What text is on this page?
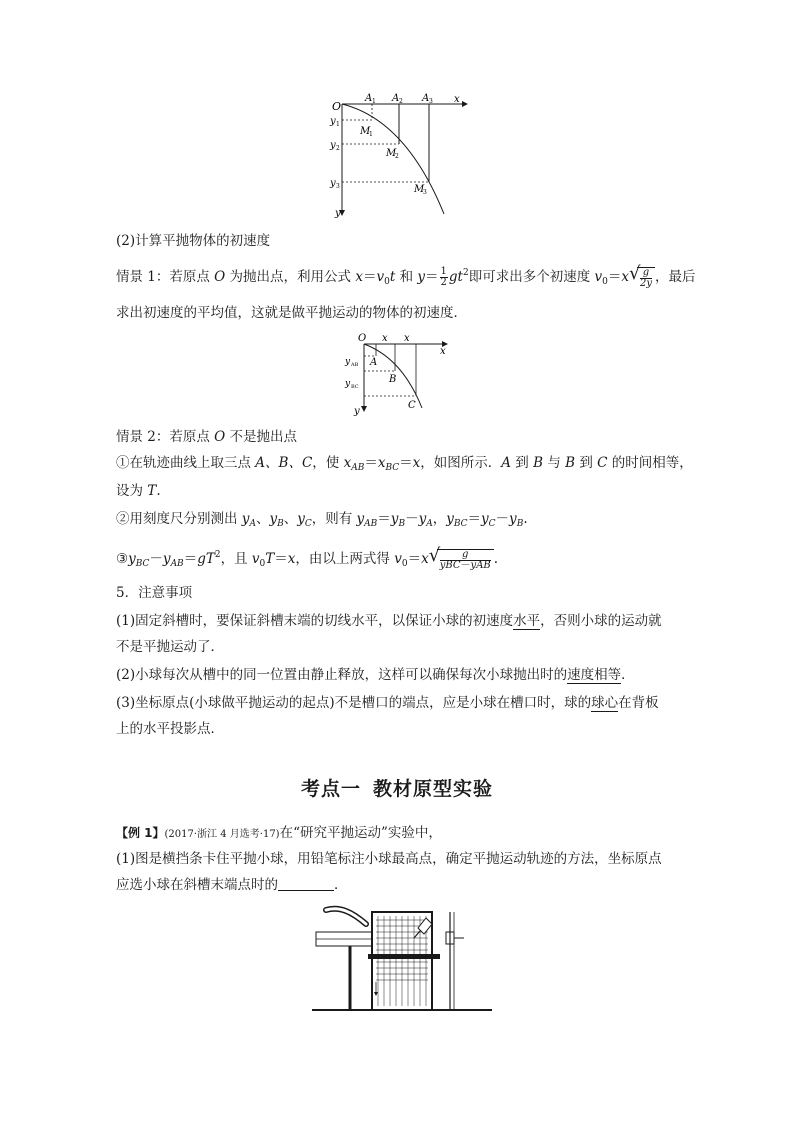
O
x
y
A 1 A 2 A 3
y 1
y 2
y 3
M
1
M
2
M
3
(2)计算平抛物体的初速度
情景 1：若原点 O 为抛出点，利用公式 $x=v_0t$ 和 $y= \frac{1}{2} gt^2$即可求出多个初速度 $v_0=x$ √ $\frac{g}{2y}$ ，最后
求出初速度的平均值，这就是做平抛运动的物体的初速度．
O x x
x
y
A
B
C
y AB
y BC
情景 2：若原点 O 不是抛出点
①在轨迹曲线上取三点 A、B、C，使 $x_{AB}=x_{BC}=x$，如图所示．A 到 B 与 B 到 C 的时间相等，
设为 T.
②用刻度尺分别测出 $y_A$、$y_B$、$y_C$，则有 $y_{AB}=y_B-y_A$，$y_{BC}=y_C-y_B$.
$③y_{BC}-y_{AB}=gT^2$，且 $v_0T=x$，由以上两式得 $v_0=x$ √ $\frac{g}{\text{yBC－yAB}}$ .
5．注意事项
(1)固定斜槽时，要保证斜槽末端的切线水平，以保证小球的初速度水平，否则小球的运动就
不是平抛运动了．
(2)小球每次从槽中的同一位置由静止释放，这样可以确保每次小球抛出时的速度相等．
(3)坐标原点(小球做平抛运动的起点)不是槽口的端点，应是小球在槽口时，球的球心在背板
上的水平投影点．
考点一 教材原型实验
【例 1】(2017·浙江 4 月选考·17)在“研究平抛运动”实验中，
(1)图是横挡条卡住平抛小球，用铅笔标注小球最高点，确定平抛运动轨迹的方法，坐标原点
应选小球在斜槽末端点时的	．
